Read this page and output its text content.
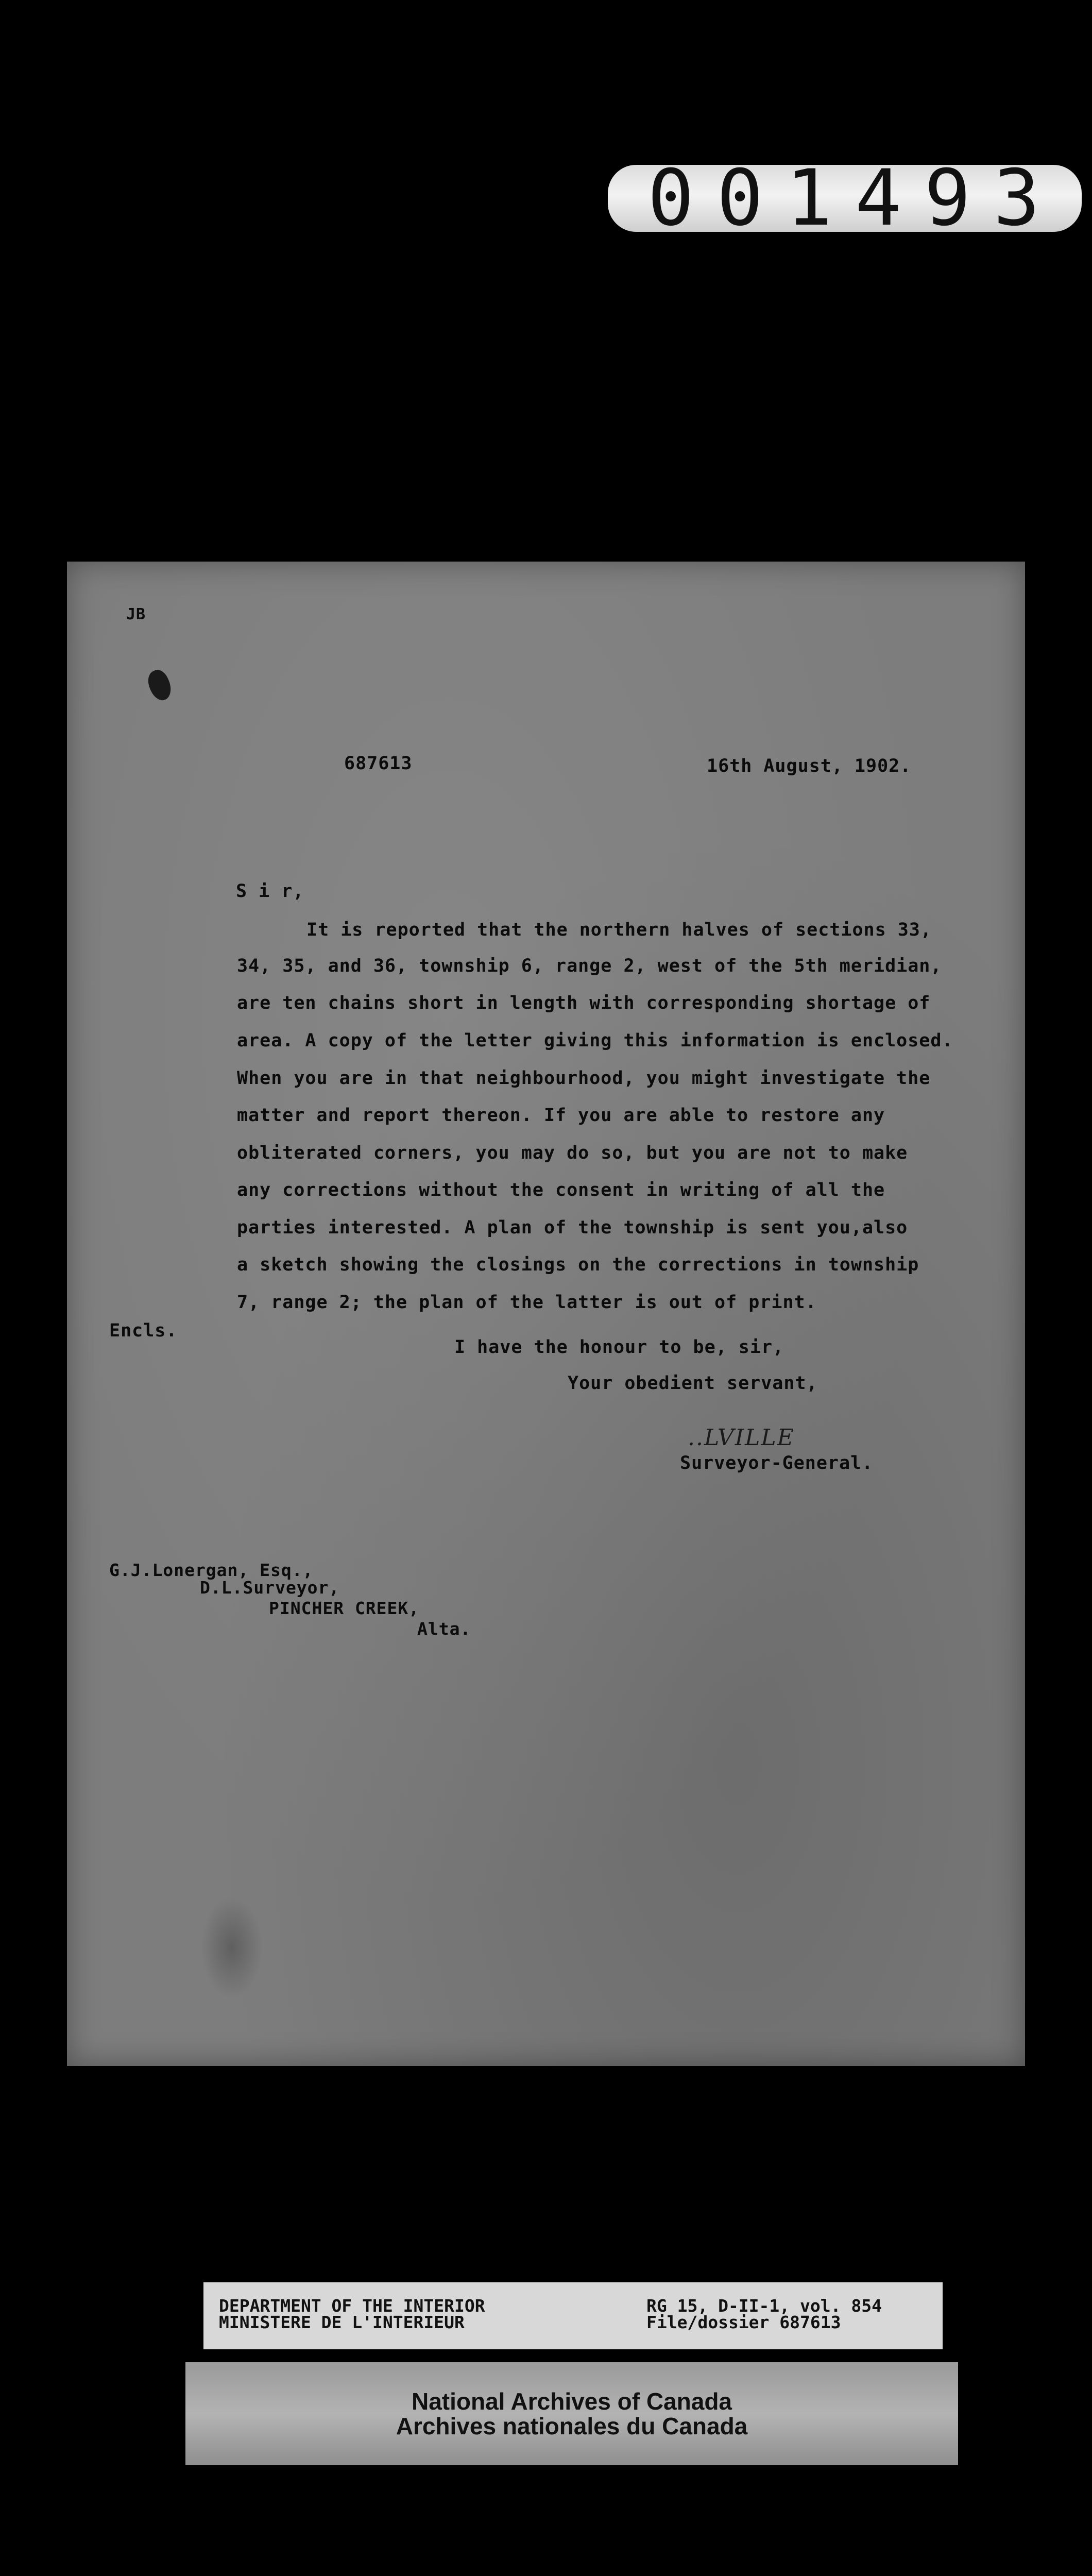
001493
JB
687613	16th August, 1902.
S i r,
It is reported that the northern halves of sections 33,
34, 35, and 36, township 6, range 2, west of the 5th meridian,
are ten chains short in length with corresponding shortage of
area. A copy of the letter giving this information is enclosed.
When you are in that neighbourhood, you might investigate the
matter and report thereon. If you are able to restore any
obliterated corners, you may do so, but you are not to make
any corrections without the consent in writing of all the
parties interested. A plan of the township is sent you,also
a sketch showing the closings on the corrections in township
7, range 2; the plan of the latter is out of print.
Encls.
I have the honour to be, sir,
Your obedient servant,
..LVILLE
Surveyor-General.
G.J.Lonergan, Esq.,
D.L.Surveyor,
PINCHER CREEK,
Alta.
DEPARTMENT OF THE INTERIOR
MINISTERE DE L'INTERIEUR
RG 15, D-II-1, vol. 854
File/dossier 687613
National Archives of Canada
Archives nationales du Canada
